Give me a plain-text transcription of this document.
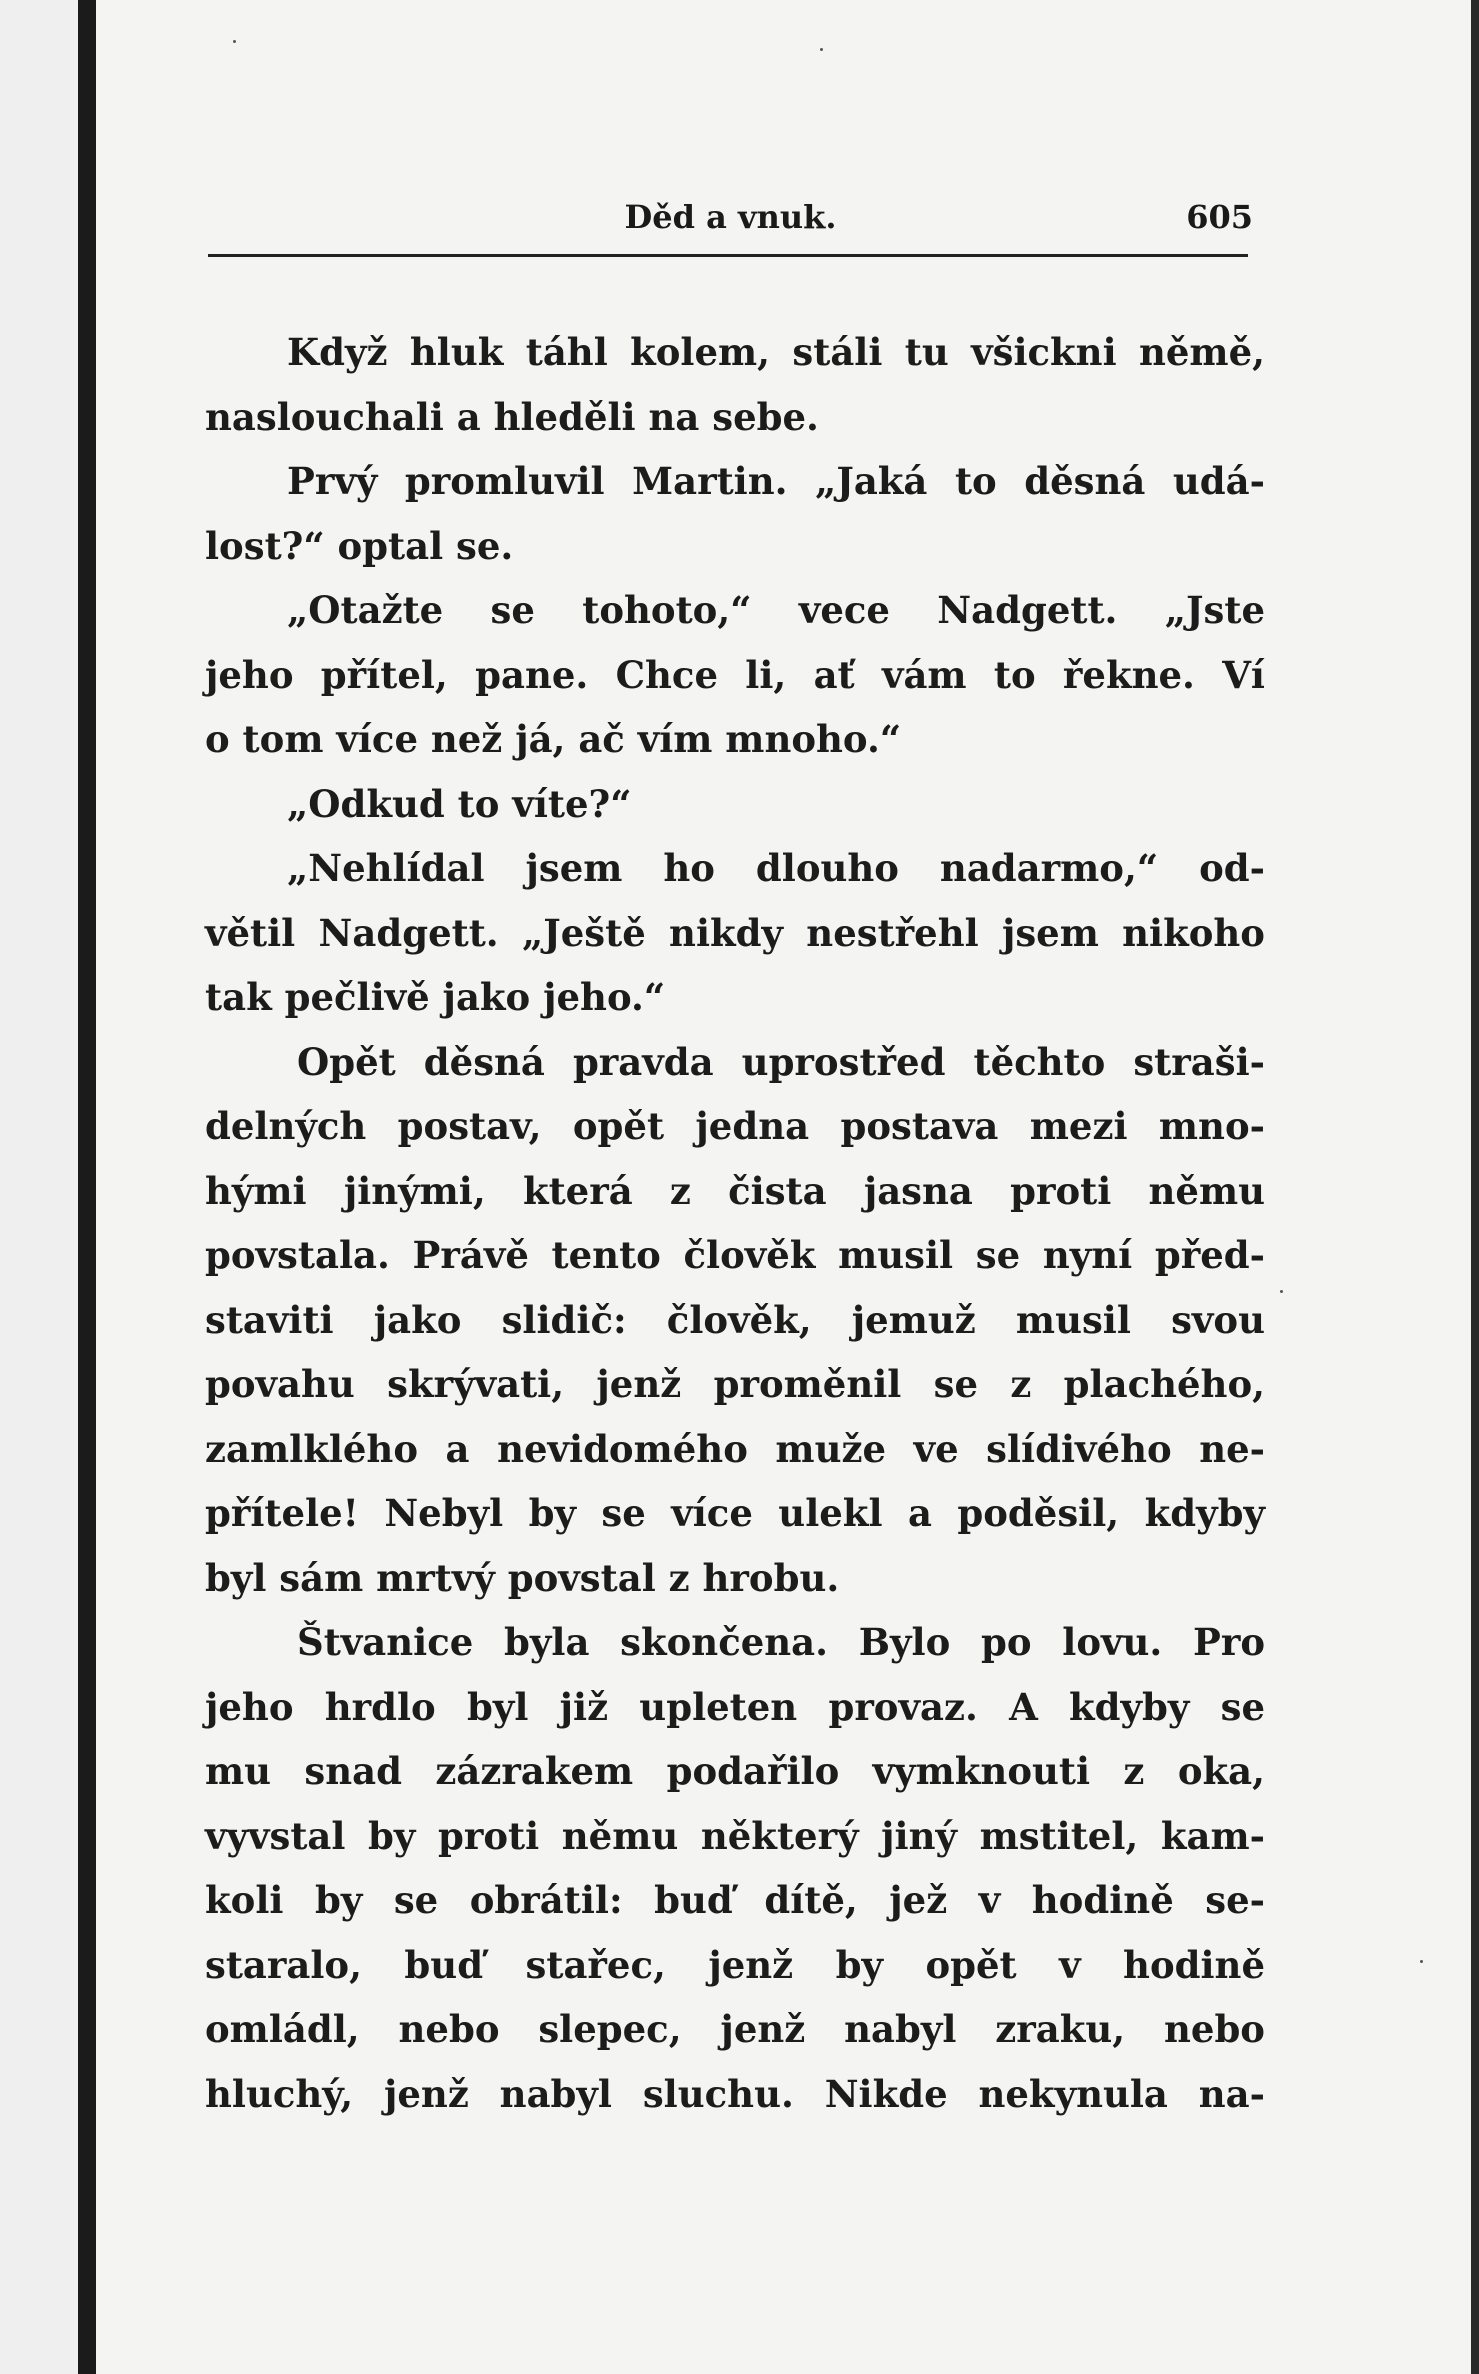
Děd a vnuk.	605
Když hluk táhl kolem, stáli tu všickni němě,
naslouchali a hleděli na sebe.
Prvý promluvil Martin. „Jaká to děsná udá-
lost?“ optal se.
„Otažte se tohoto,“ vece Nadgett. „Jste
jeho přítel, pane. Chce li, ať vám to řekne. Ví
o tom více než já, ač vím mnoho.“
„Odkud to víte?“
„Nehlídal jsem ho dlouho nadarmo,“ od-
větil Nadgett. „Ještě nikdy nestřehl jsem nikoho
tak pečlivě jako jeho.“
Opět děsná pravda uprostřed těchto straši-
delných postav, opět jedna postava mezi mno-
hými jinými, která z čista jasna proti němu
povstala. Právě tento člověk musil se nyní před-
staviti jako slidič: člověk, jemuž musil svou
povahu skrývati, jenž proměnil se z plachého,
zamlklého a nevidomého muže ve slídivého ne-
přítele! Nebyl by se více ulekl a poděsil, kdyby
byl sám mrtvý povstal z hrobu.
Štvanice byla skončena. Bylo po lovu. Pro
jeho hrdlo byl již upleten provaz. A kdyby se
mu snad zázrakem podařilo vymknouti z oka,
vyvstal by proti němu některý jiný mstitel, kam-
koli by se obrátil: buď dítě, jež v hodině se-
staralo, buď stařec, jenž by opět v hodině
omládl, nebo slepec, jenž nabyl zraku, nebo
hluchý, jenž nabyl sluchu. Nikde nekynula na-
